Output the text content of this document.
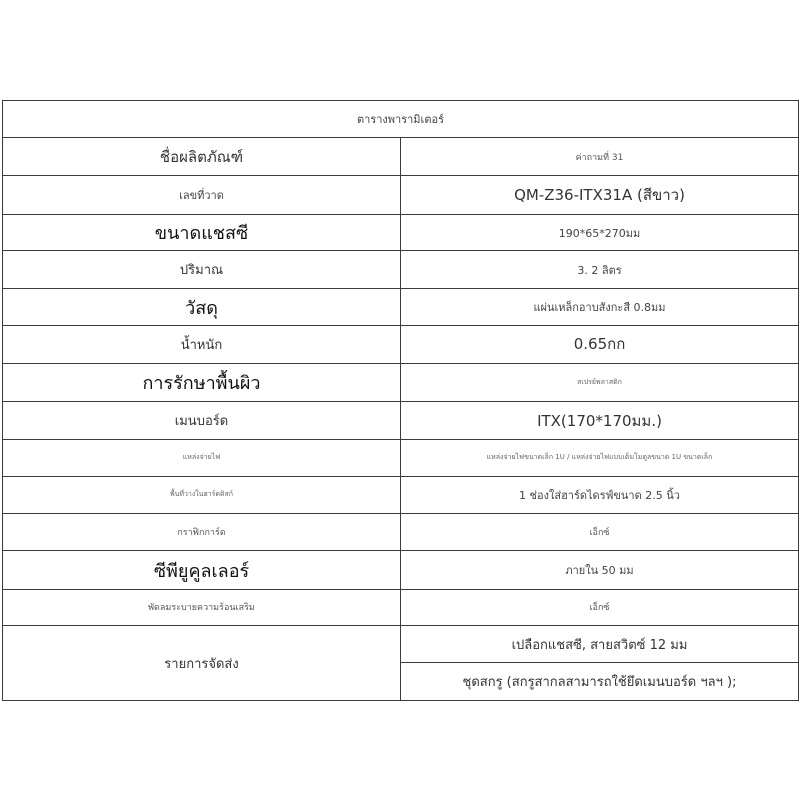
ตารางพารามิเตอร์	
ชื่อผลิตภัณฑ์	ค่าถามที่ 31
เลขที่วาด	QM-Z36-ITX31A (สีขาว)
ขนาดแชสซี	190*65*270มม
ปริมาณ	3. 2 ลิตร
วัสดุ	แผ่นเหล็กอาบสังกะสี 0.8มม
น้ำหนัก	0.65กก
การรักษาพื้นผิว	สเปรย์พลาสติก
เมนบอร์ด	ITX(170*170มม.)
แหล่งจ่ายไฟ	แหล่งจ่ายไฟขนาดเล็ก 1U / แหล่งจ่ายไฟแบบเต็มโมดูลขนาด 1U ขนาดเล็ก
พื้นที่วางในฮาร์ดดิสก์	1 ช่องใส่ฮาร์ดไดรฟ์ขนาด 2.5 นิ้ว
กราฟิกการ์ด	เอ็กซ์
ซีพียูคูลเลอร์	ภายใน 50 มม
พัดลมระบายความร้อนเสริม	เอ็กซ์
รายการจัดส่ง	เปลือกแชสซี, สายสวิตซ์ 12 มม
	ชุดสกรู (สกรูสากลสามารถใช้ยึดเมนบอร์ด ฯลฯ );
